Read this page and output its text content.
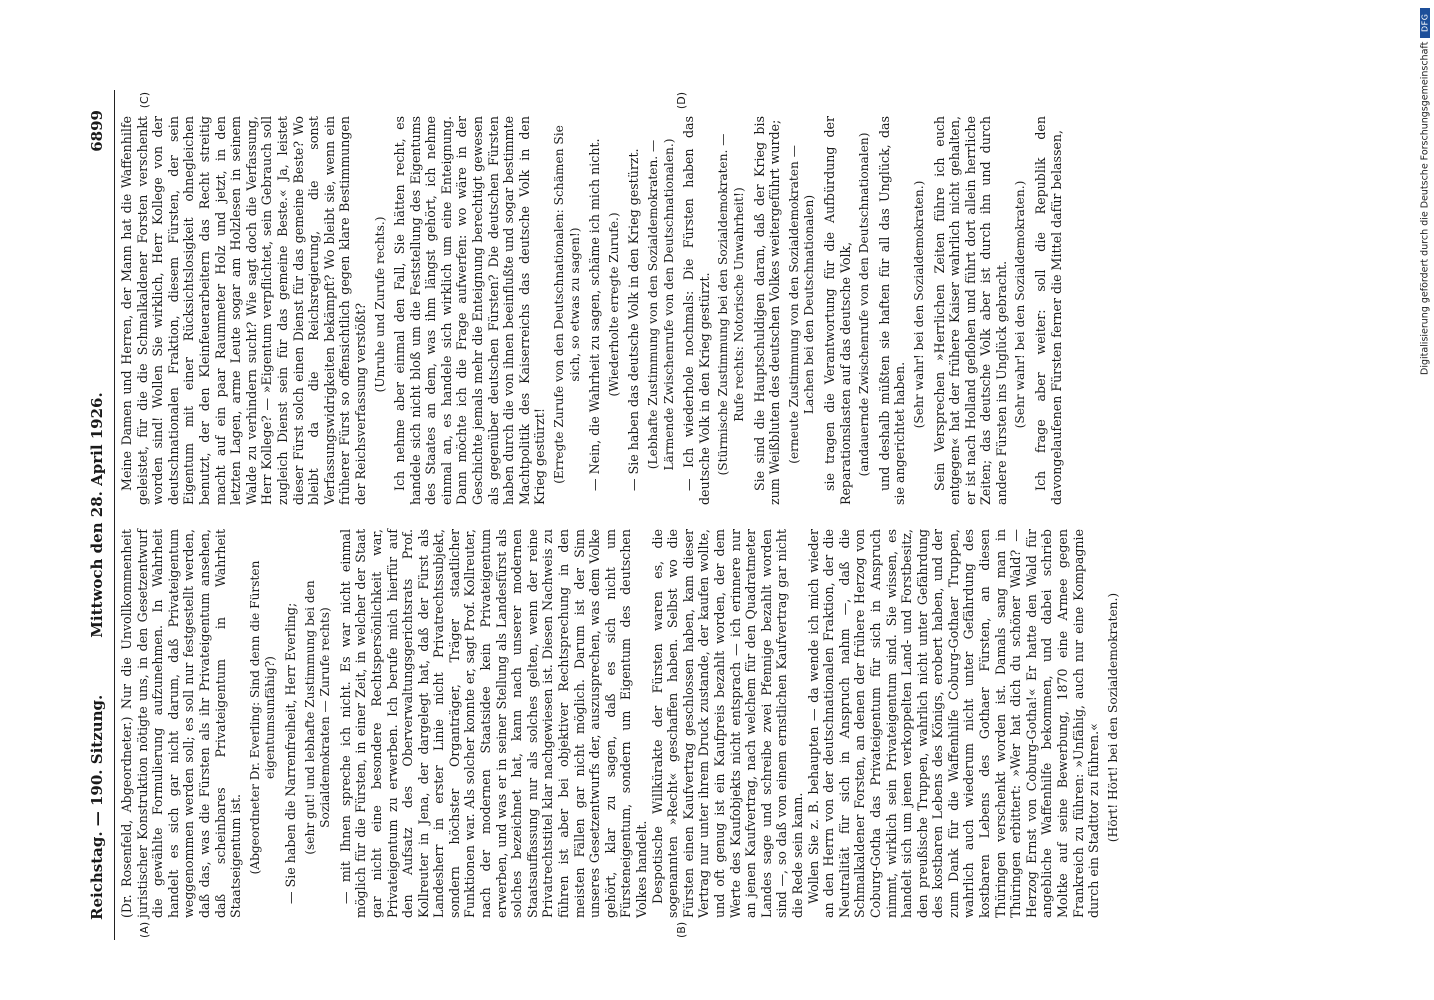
DFG
Digitalisierung gefördert durch die Deutsche Forschungsgemeinschaft
Reichstag. — 190. Sitzung.
Mittwoch den 28. April 1926.
6899
(A)	(B)

(Dr. Rosenfeld, Abgeordneter.) Nur die Unvollkommenheit juristischer Konstruktion nötigte uns, in den Gesetzentwurf die gewählte Formulierung aufzunehmen. In Wahrheit handelt es sich gar nicht darum, daß Privateigentum weggenommen werden soll; es soll nur festgestellt werden, daß das, was die Fürsten als ihr Privateigentum ansehen, daß scheinbares Privateigentum in Wahrheit Staatseigentum ist. (Abgeordneter Dr. Everling: Sind denn die Fürsten eigentumsunfähig?) — Sie haben die Narrenfreiheit, Herr Everling; (sehr gut! und lebhafte Zustimmung bei den Sozialdemokraten — Zurufe rechts) — mit Ihnen spreche ich nicht. Es war nicht einmal möglich für die Fürsten, in einer Zeit, in welcher der Staat gar nicht eine besondere Rechtspersönlichkeit war, Privateigentum zu erwerben. Ich berufe mich hierfür auf den Aufsatz des Oberverwaltungsgerichtsrats Prof. Kollreuter in Jena, der dargelegt hat, daß der Fürst als Landesherr in erster Linie nicht Privatrechtssubjekt, sondern höchster Organträger, Träger staatlicher Funktionen war. Als solcher konnte er, sagt Prof. Kollreuter, nach der modernen Staatsidee kein Privateigentum erwerben, und was er in seiner Stellung als Landesfürst als solches bezeichnet hat, kann nach unserer modernen Staatsauffassung nur als solches gelten, wenn der reine Privatrechtstitel klar nachgewiesen ist. Diesen Nachweis zu führen ist aber bei objektiver Rechtsprechung in den meisten Fällen gar nicht möglich. Darum ist der Sinn unseres Gesetzentwurfs der, auszusprechen, was dem Volke gehört, klar zu sagen, daß es sich nicht um Fürsteneigentum, sondern um Eigentum des deutschen Volkes handelt. Despotische Willkürakte der Fürsten waren es, die sogenannten »Recht« geschaffen haben. Selbst wo die Fürsten einen Kaufvertrag geschlossen haben, kam dieser Vertrag nur unter ihrem Druck zustande, der kaufen wollte, und oft genug ist ein Kaufpreis bezahlt worden, der dem Werte des Kaufobjekts nicht entsprach — ich erinnere nur an jenen Kaufvertrag, nach welchem für den Quadratmeter Landes sage und schreibe zwei Pfennige bezahlt worden sind —, so daß von einem ernstlichen Kaufvertrag gar nicht die Rede sein kann. Wollen Sie z. B. behaupten — da wende ich mich wieder an den Herrn von der deutschnationalen Fraktion, der die Neutralität für sich in Anspruch nahm —, daß die Schmalkaldener Forsten, an denen der frühere Herzog von Coburg-Gotha das Privateigentum für sich in Anspruch nimmt, wirklich sein Privateigentum sind. Sie wissen, es handelt sich um jenen verkoppelten Land- und Forstbesitz, den preußische Truppen, wahrlich nicht unter Gefährdung des kostbaren Lebens des Königs, erobert haben, und der zum Dank für die Waffenhilfe Coburg-Gothaer Truppen, wahrlich auch wiederum nicht unter Gefährdung des kostbaren Lebens des Gothaer Fürsten, an diesen Thüringen verschenkt worden ist. Damals sang man in Thüringen erbittert: »Wer hat dich du schöner Wald? — Herzog Ernst von Coburg-Gotha!« Er hatte den Wald für angebliche Waffenhilfe bekommen, und dabei schrieb Moltke auf seine Bewerbung, 1870 eine Armee gegen Frankreich zu führen: »Unfähig, auch nur eine Kompagnie durch ein Stadttor zu führen.« (Hört! Hört! bei den Sozialdemokraten.)

(C)	(D)

Meine Damen und Herren, der Mann hat die Waffenhilfe geleistet, für die die Schmalkaldener Forsten verschenkt worden sind! Wollen Sie wirklich, Herr Kollege von der deutschnationalen Fraktion, diesem Fürsten, der sein Eigentum mit einer Rücksichtslosigkeit ohnegleichen benutzt, der den Kleinfeuerarbeitern das Recht streitig macht auf ein paar Raummeter Holz und jetzt, in den letzten Lagen, arme Leute sogar am Holzlesen in seinem Walde zu verhindern sucht? Wie sagt doch die Verfassung, Herr Kollege? — »Eigentum verpflichtet, sein Gebrauch soll zugleich Dienst sein für das gemeine Beste.« Ja, leistet dieser Fürst solch einen Dienst für das gemeine Beste? Wo bleibt da die Reichsregierung, die sonst Verfassungswidrigkeiten bekämpft? Wo bleibt sie, wenn ein früherer Fürst so offensichtlich gegen klare Bestimmungen der Reichsverfassung verstößt? (Unruhe und Zurufe rechts.) Ich nehme aber einmal den Fall, Sie hätten recht, es handele sich nicht bloß um die Feststellung des Eigentums des Staates an dem, was ihm längst gehört, ich nehme einmal an, es handele sich wirklich um eine Enteignung. Dann möchte ich die Frage aufwerfen: wo wäre in der Geschichte jemals mehr die Enteignung berechtigt gewesen als gegenüber deutschen Fürsten? Die deutschen Fürsten haben durch die von ihnen beeinflußte und sogar bestimmte Machtpolitik des Kaiserreichs das deutsche Volk in den Krieg gestürzt! (Erregte Zurufe von den Deutschnationalen: Schämen Sie sich, so etwas zu sagen!) — Nein, die Wahrheit zu sagen, schäme ich mich nicht. (Wiederholte erregte Zurufe.) — Sie haben das deutsche Volk in den Krieg gestürzt. (Lebhafte Zustimmung von den Sozialdemokraten. — Lärmende Zwischenrufe von den Deutschnationalen.) — Ich wiederhole nochmals: Die Fürsten haben das deutsche Volk in den Krieg gestürzt. (Stürmische Zustimmung bei den Sozialdemokraten. — Rufe rechts: Notorische Unwahrheit!) Sie sind die Hauptschuldigen daran, daß der Krieg bis zum Weißbluten des deutschen Volkes weitergeführt wurde; (erneute Zustimmung von den Sozialdemokraten — Lachen bei den Deutschnationalen) sie tragen die Verantwortung für die Aufbürdung der Reparationslasten auf das deutsche Volk, (andauernde Zwischenrufe von den Deutschnationalen) und deshalb müßten sie haften für all das Unglück, das sie angerichtet haben.

(Sehr wahr! bei den Sozialdemokraten.) Sein Versprechen »Herrlichen Zeiten führe ich euch entgegen« hat der frühere Kaiser wahrlich nicht gehalten, er ist nach Holland geflohen und führt dort allein herrliche Zeiten; das deutsche Volk aber ist durch ihn und durch andere Fürsten ins Unglück gebracht. (Sehr wahr! bei den Sozialdemokraten.) Ich frage aber weiter: soll die Republik den davongelaufenen Fürsten ferner die Mittel dafür belassen,
